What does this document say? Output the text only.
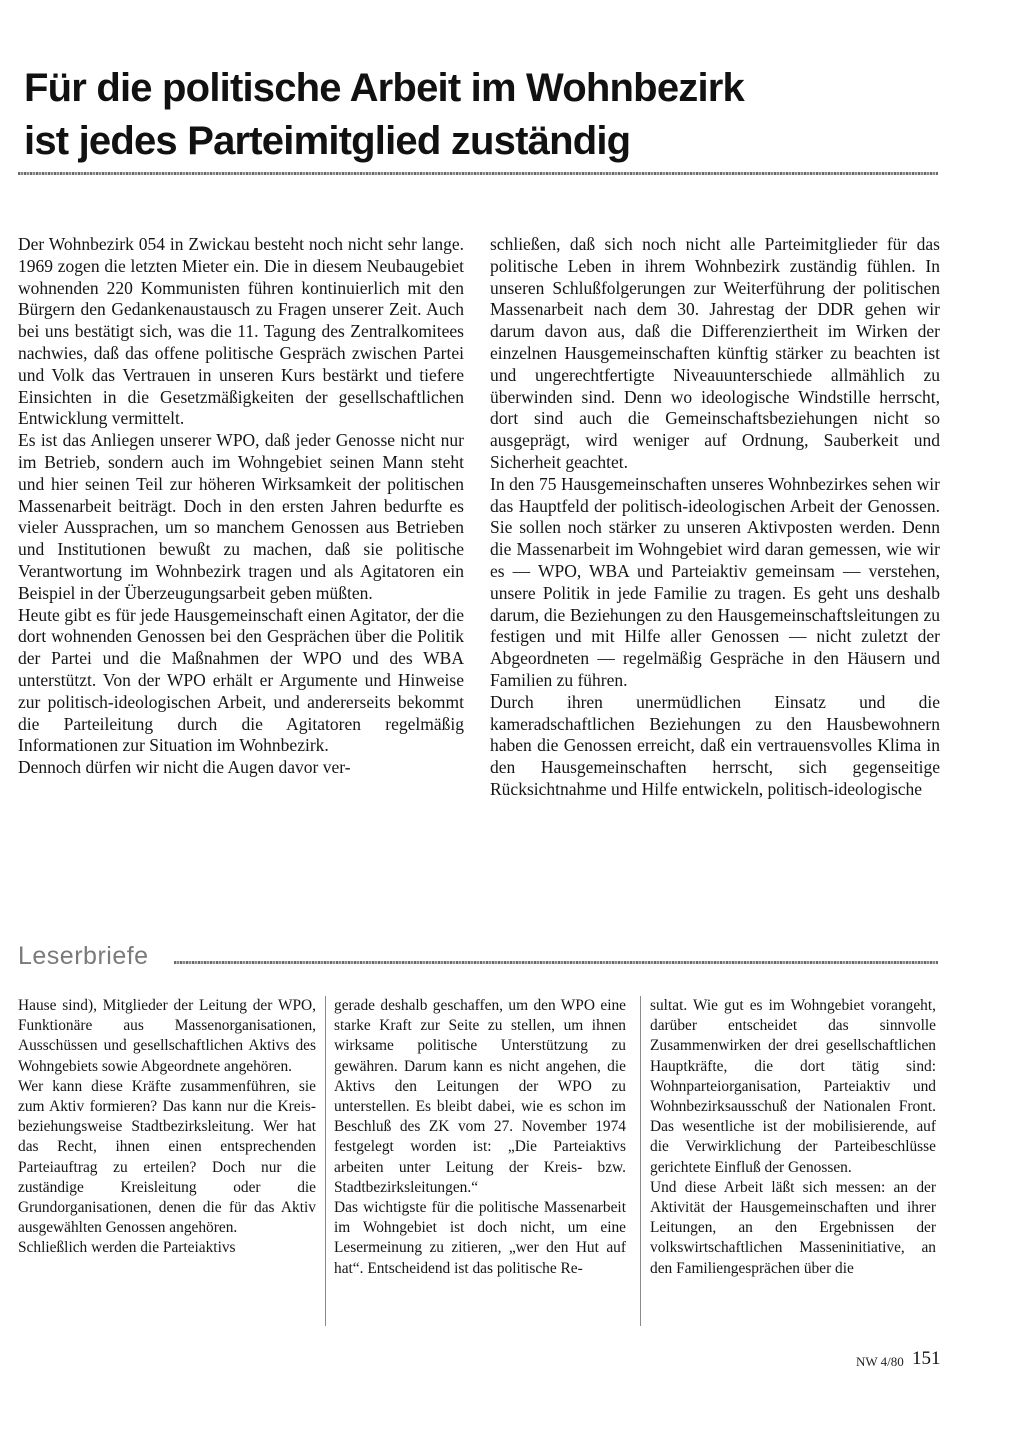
Für die politische Arbeit im Wohnbezirk
ist jedes Parteimitglied zuständig

Der Wohnbezirk 054 in Zwickau besteht noch nicht sehr lange. 1969 zogen die letzten Mieter ein. Die in diesem Neubaugebiet wohnenden 220 Kommunisten führen kontinuierlich mit den Bürgern den Gedankenaustausch zu Fragen unserer Zeit. Auch bei uns bestätigt sich, was die 11. Tagung des Zentralkomitees nachwies, daß das offene politische Gespräch zwischen Partei und Volk das Vertrauen in unseren Kurs bestärkt und tiefere Einsichten in die Gesetzmäßigkeiten der gesellschaftlichen Entwicklung vermittelt.

Es ist das Anliegen unserer WPO, daß jeder Genosse nicht nur im Betrieb, sondern auch im Wohngebiet seinen Mann steht und hier seinen Teil zur höheren Wirksamkeit der politischen Massenarbeit beiträgt. Doch in den ersten Jahren bedurfte es vieler Aussprachen, um so manchem Genossen aus Betrieben und Institutionen bewußt zu machen, daß sie politische Verantwortung im Wohnbezirk tragen und als Agitatoren ein Beispiel in der Überzeugungsarbeit geben müßten.

Heute gibt es für jede Hausgemeinschaft einen Agitator, der die dort wohnenden Genossen bei den Gesprächen über die Politik der Partei und die Maßnahmen der WPO und des WBA unterstützt. Von der WPO erhält er Argumente und Hinweise zur politisch-ideologischen Arbeit, und andererseits bekommt die Parteileitung durch die Agitatoren regelmäßig Informationen zur Situation im Wohnbezirk.

Dennoch dürfen wir nicht die Augen davor ver-

schließen, daß sich noch nicht alle Parteimitglieder für das politische Leben in ihrem Wohnbezirk zuständig fühlen. In unseren Schlußfolgerungen zur Weiterführung der politischen Massenarbeit nach dem 30. Jahrestag der DDR gehen wir darum davon aus, daß die Differenziertheit im Wirken der einzelnen Hausgemeinschaften künftig stärker zu beachten ist und ungerechtfertigte Niveauunterschiede allmählich zu überwinden sind. Denn wo ideologische Windstille herrscht, dort sind auch die Gemeinschaftsbeziehungen nicht so ausgeprägt, wird weniger auf Ordnung, Sauberkeit und Sicherheit geachtet.

In den 75 Hausgemeinschaften unseres Wohnbezirkes sehen wir das Hauptfeld der politisch-ideologischen Arbeit der Genossen. Sie sollen noch stärker zu unseren Aktivposten werden. Denn die Massenarbeit im Wohngebiet wird daran gemessen, wie wir es — WPO, WBA und Parteiaktiv gemeinsam — verstehen, unsere Politik in jede Familie zu tragen. Es geht uns deshalb darum, die Beziehungen zu den Hausgemeinschaftsleitungen zu festigen und mit Hilfe aller Genossen — nicht zuletzt der Abgeordneten — regelmäßig Gespräche in den Häusern und Familien zu führen.

Durch ihren unermüdlichen Einsatz und die kameradschaftlichen Beziehungen zu den Hausbewohnern haben die Genossen erreicht, daß ein vertrauensvolles Klima in den Hausgemeinschaften herrscht, sich gegenseitige Rücksichtnahme und Hilfe entwickeln, politisch-ideologische

Leserbriefe

Hause sind), Mitglieder der Leitung der WPO, Funktionäre aus Massenorganisationen, Ausschüssen und gesellschaftlichen Aktivs des Wohngebiets sowie Abgeordnete angehören.

Wer kann diese Kräfte zusammenführen, sie zum Aktiv formieren? Das kann nur die Kreis- beziehungsweise Stadtbezirksleitung. Wer hat das Recht, ihnen einen entsprechenden Parteiauftrag zu erteilen? Doch nur die zuständige Kreisleitung oder die Grundorganisationen, denen die für das Aktiv ausgewählten Genossen angehören.

Schließlich werden die Parteiaktivs

gerade deshalb geschaffen, um den WPO eine starke Kraft zur Seite zu stellen, um ihnen wirksame politische Unterstützung zu gewähren. Darum kann es nicht angehen, die Aktivs den Leitungen der WPO zu unterstellen. Es bleibt dabei, wie es schon im Beschluß des ZK vom 27. November 1974 festgelegt worden ist: „Die Parteiaktivs arbeiten unter Leitung der Kreis- bzw. Stadtbezirksleitungen.“

Das wichtigste für die politische Massenarbeit im Wohngebiet ist doch nicht, um eine Lesermeinung zu zitieren, „wer den Hut auf hat“. Entscheidend ist das politische Re-

sultat. Wie gut es im Wohngebiet vorangeht, darüber entscheidet das sinnvolle Zusammenwirken der drei gesellschaftlichen Hauptkräfte, die dort tätig sind: Wohnparteiorganisation, Parteiaktiv und Wohnbezirksausschuß der Nationalen Front. Das wesentliche ist der mobilisierende, auf die Verwirklichung der Parteibeschlüsse gerichtete Einfluß der Genossen.

Und diese Arbeit läßt sich messen: an der Aktivität der Hausgemeinschaften und ihrer Leitungen, an den Ergebnissen der volkswirtschaftlichen Masseninitiative, an den Familiengesprächen über die

NW 4/80 151
